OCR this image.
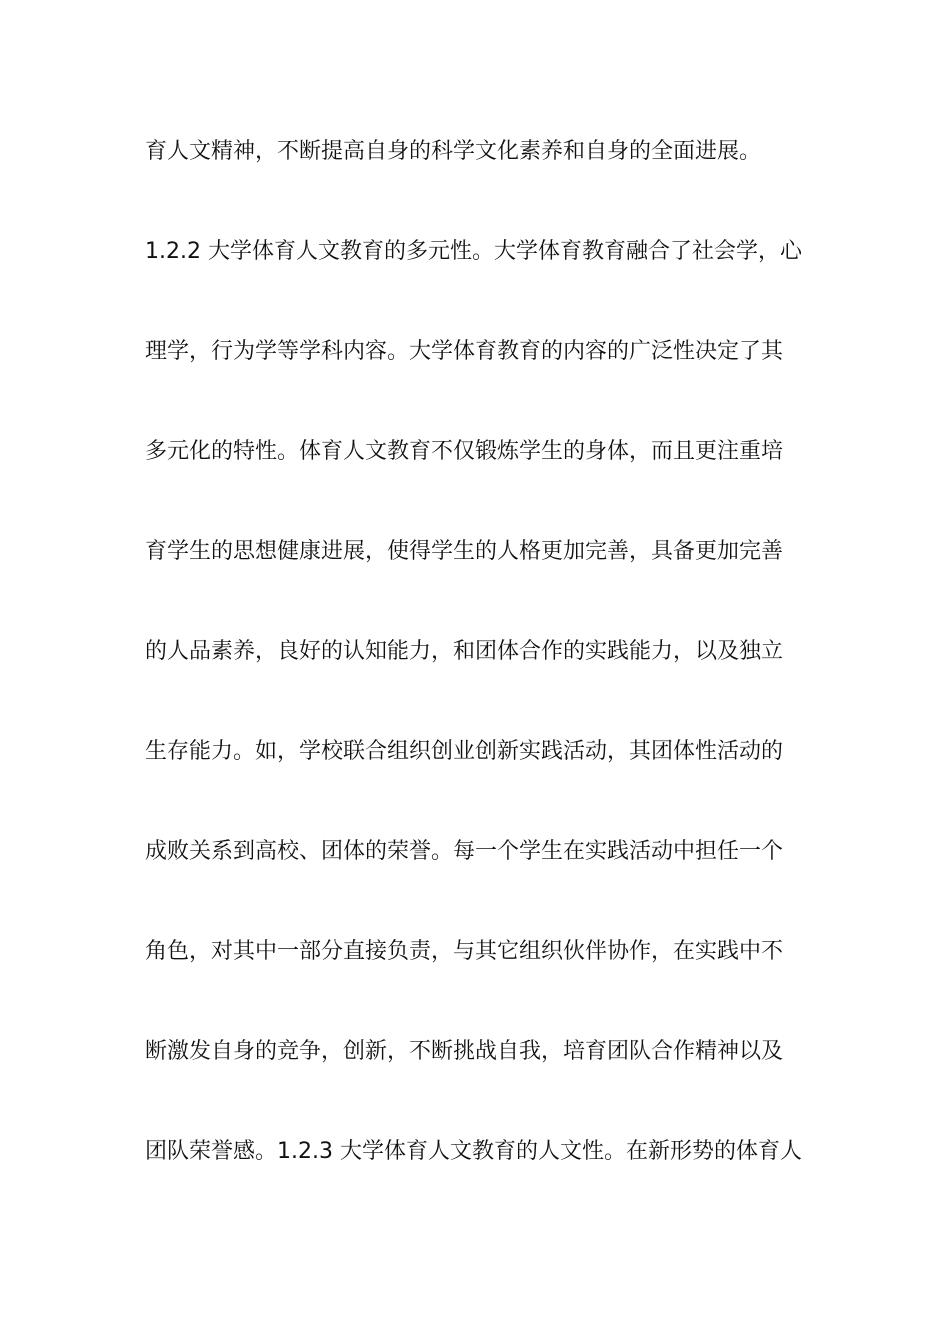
育人文精神，不断提高自身的科学文化素养和自身的全面进展。
1.2.2 大学体育人文教育的多元性。大学体育教育融合了社会学，心
理学，行为学等学科内容。大学体育教育的内容的广泛性决定了其
多元化的特性。体育人文教育不仅锻炼学生的身体，而且更注重培
育学生的思想健康进展，使得学生的人格更加完善，具备更加完善
的人品素养，良好的认知能力，和团体合作的实践能力，以及独立
生存能力。如，学校联合组织创业创新实践活动，其团体性活动的
成败关系到高校、团体的荣誉。每一个学生在实践活动中担任一个
角色，对其中一部分直接负责，与其它组织伙伴协作，在实践中不
断激发自身的竞争，创新，不断挑战自我，培育团队合作精神以及
团队荣誉感。1.2.3 大学体育人文教育的人文性。在新形势的体育人
